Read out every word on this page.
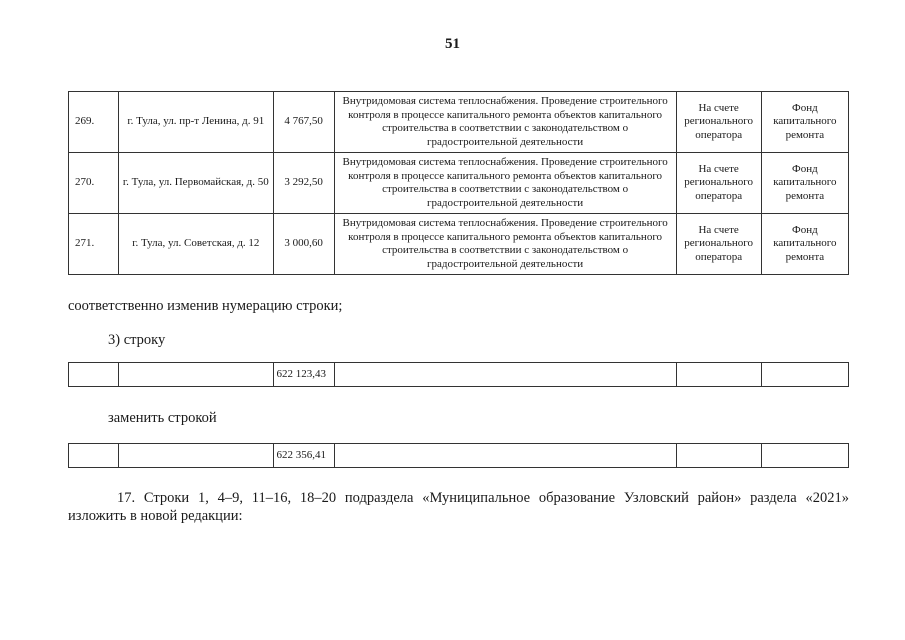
51
269.	г. Тула, ул. пр-т Ленина, д. 91	4 767,50	Внутридомовая система теплоснабжения. Проведение строительного контроля в процессе капитального ремонта объектов капитального строительства в соответствии с законодательством о градостроительной деятельности	На счете регионального оператора	Фонд капитального ремонта
270.	г. Тула, ул. Первомайская, д. 50	3 292,50	Внутридомовая система теплоснабжения. Проведение строительного контроля в процессе капитального ремонта объектов капитального строительства в соответствии с законодательством о градостроительной деятельности	На счете регионального оператора	Фонд капитального ремонта
271.	г. Тула, ул. Советская, д. 12	3 000,60	Внутридомовая система теплоснабжения. Проведение строительного контроля в процессе капитального ремонта объектов капитального строительства в соответствии с законодательством о градостроительной деятельности	На счете регионального оператора	Фонд капитального ремонта

соответственно изменив нумерацию строки;

3) строку

		622 123,43			

заменить строкой

		622 356,41			

17. Строки 1, 4–9, 11–16, 18–20 подраздела «Муниципальное образование Узловский район» раздела «2021» изложить в новой редакции:
